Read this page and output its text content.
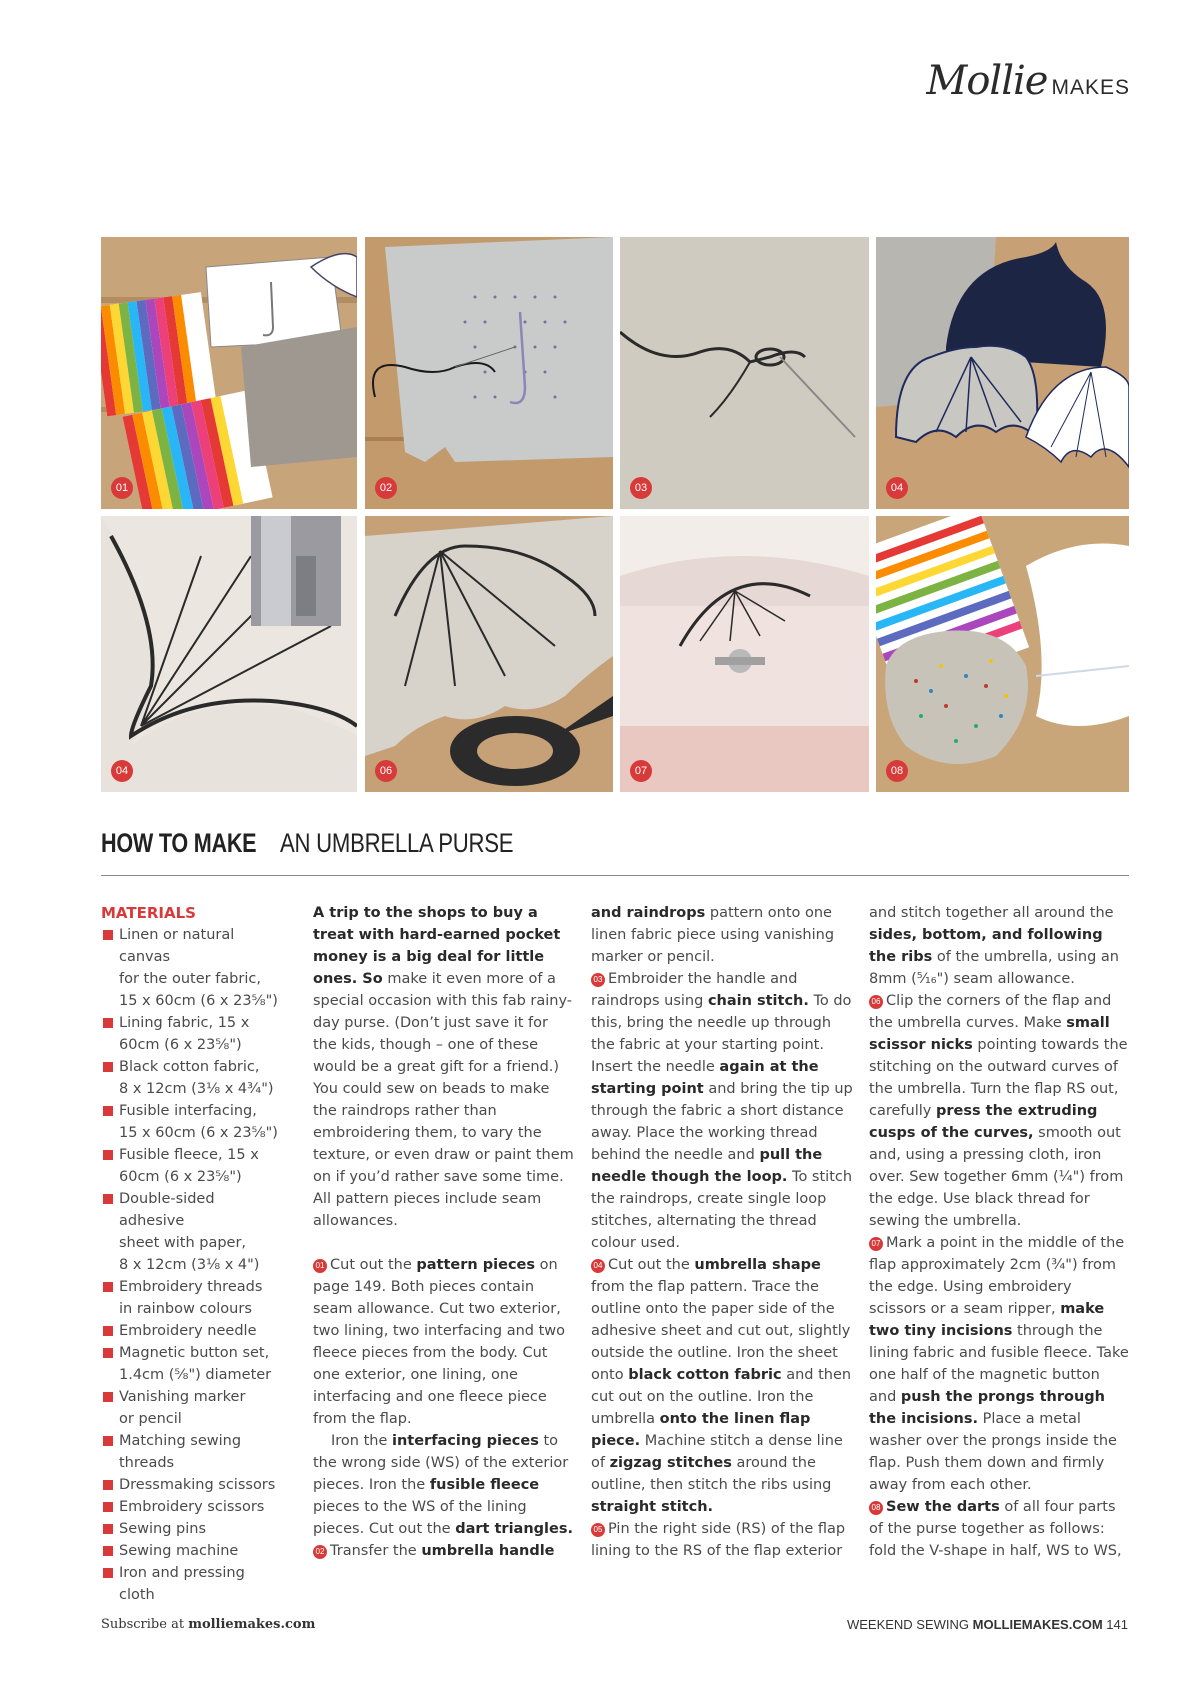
Mollie MAKES
01	02	03	04
04	06	07	08
HOW TO MAKE AN UMBRELLA PURSE
MATERIALS
Linen or natural canvas
for the outer fabric,
15 x 60cm (6 x 23⅝")
Lining fabric, 15 x
60cm (6 x 23⅝")
Black cotton fabric,
8 x 12cm (3⅛ x 4¾")
Fusible interfacing,
15 x 60cm (6 x 23⅝")
Fusible fleece, 15 x
60cm (6 x 23⅝")
Double-sided adhesive
sheet with paper,
8 x 12cm (3⅛ x 4")
Embroidery threads
in rainbow colours
Embroidery needle
Magnetic button set,
1.4cm (⅝") diameter
Vanishing marker
or pencil
Matching sewing
threads
Dressmaking scissors
Embroidery scissors
Sewing pins
Sewing machine
Iron and pressing cloth

A trip to the shops to buy a treat with hard-earned pocket money is a big deal for little ones. So make it even more of a special occasion with this fab rainy-day purse. (Don’t just save it for the kids, though – one of these would be a great gift for a friend.) You could sew on beads to make the raindrops rather than embroidering them, to vary the texture, or even draw or paint them on if you’d rather save some time. All pattern pieces include seam allowances.

01 Cut out the pattern pieces on page 149. Both pieces contain seam allowance. Cut two exterior, two lining, two interfacing and two fleece pieces from the body. Cut one exterior, one lining, one interfacing and one fleece piece from the flap.

Iron the interfacing pieces to the wrong side (WS) of the exterior pieces. Iron the fusible fleece pieces to the WS of the lining pieces. Cut out the dart triangles.

02 Transfer the umbrella handle

and raindrops pattern onto one linen fabric piece using vanishing marker or pencil.

03 Embroider the handle and raindrops using chain stitch. To do this, bring the needle up through the fabric at your starting point. Insert the needle again at the starting point and bring the tip up through the fabric a short distance away. Place the working thread behind the needle and pull the needle though the loop. To stitch the raindrops, create single loop stitches, alternating the thread colour used.

04 Cut out the umbrella shape from the flap pattern. Trace the outline onto the paper side of the adhesive sheet and cut out, slightly outside the outline. Iron the sheet onto black cotton fabric and then cut out on the outline. Iron the umbrella onto the linen flap piece. Machine stitch a dense line of zigzag stitches around the outline, then stitch the ribs using straight stitch.

05 Pin the right side (RS) of the flap lining to the RS of the flap exterior

and stitch together all around the sides, bottom, and following the ribs of the umbrella, using an 8mm (⁵⁄₁₆") seam allowance.

06 Clip the corners of the flap and the umbrella curves. Make small scissor nicks pointing towards the stitching on the outward curves of the umbrella. Turn the flap RS out, carefully press the extruding cusps of the curves, smooth out and, using a pressing cloth, iron over. Sew together 6mm (¼") from the edge. Use black thread for sewing the umbrella.

07 Mark a point in the middle of the flap approximately 2cm (¾") from the edge. Using embroidery scissors or a seam ripper, make two tiny incisions through the lining fabric and fusible fleece. Take one half of the magnetic button and push the prongs through the incisions. Place a metal washer over the prongs inside the flap. Push them down and firmly away from each other.

08 Sew the darts of all four parts of the purse together as follows: fold the V-shape in half, WS to WS,

Subscribe at molliemakes.com	WEEKEND SEWING MOLLIEMAKES.COM 141
